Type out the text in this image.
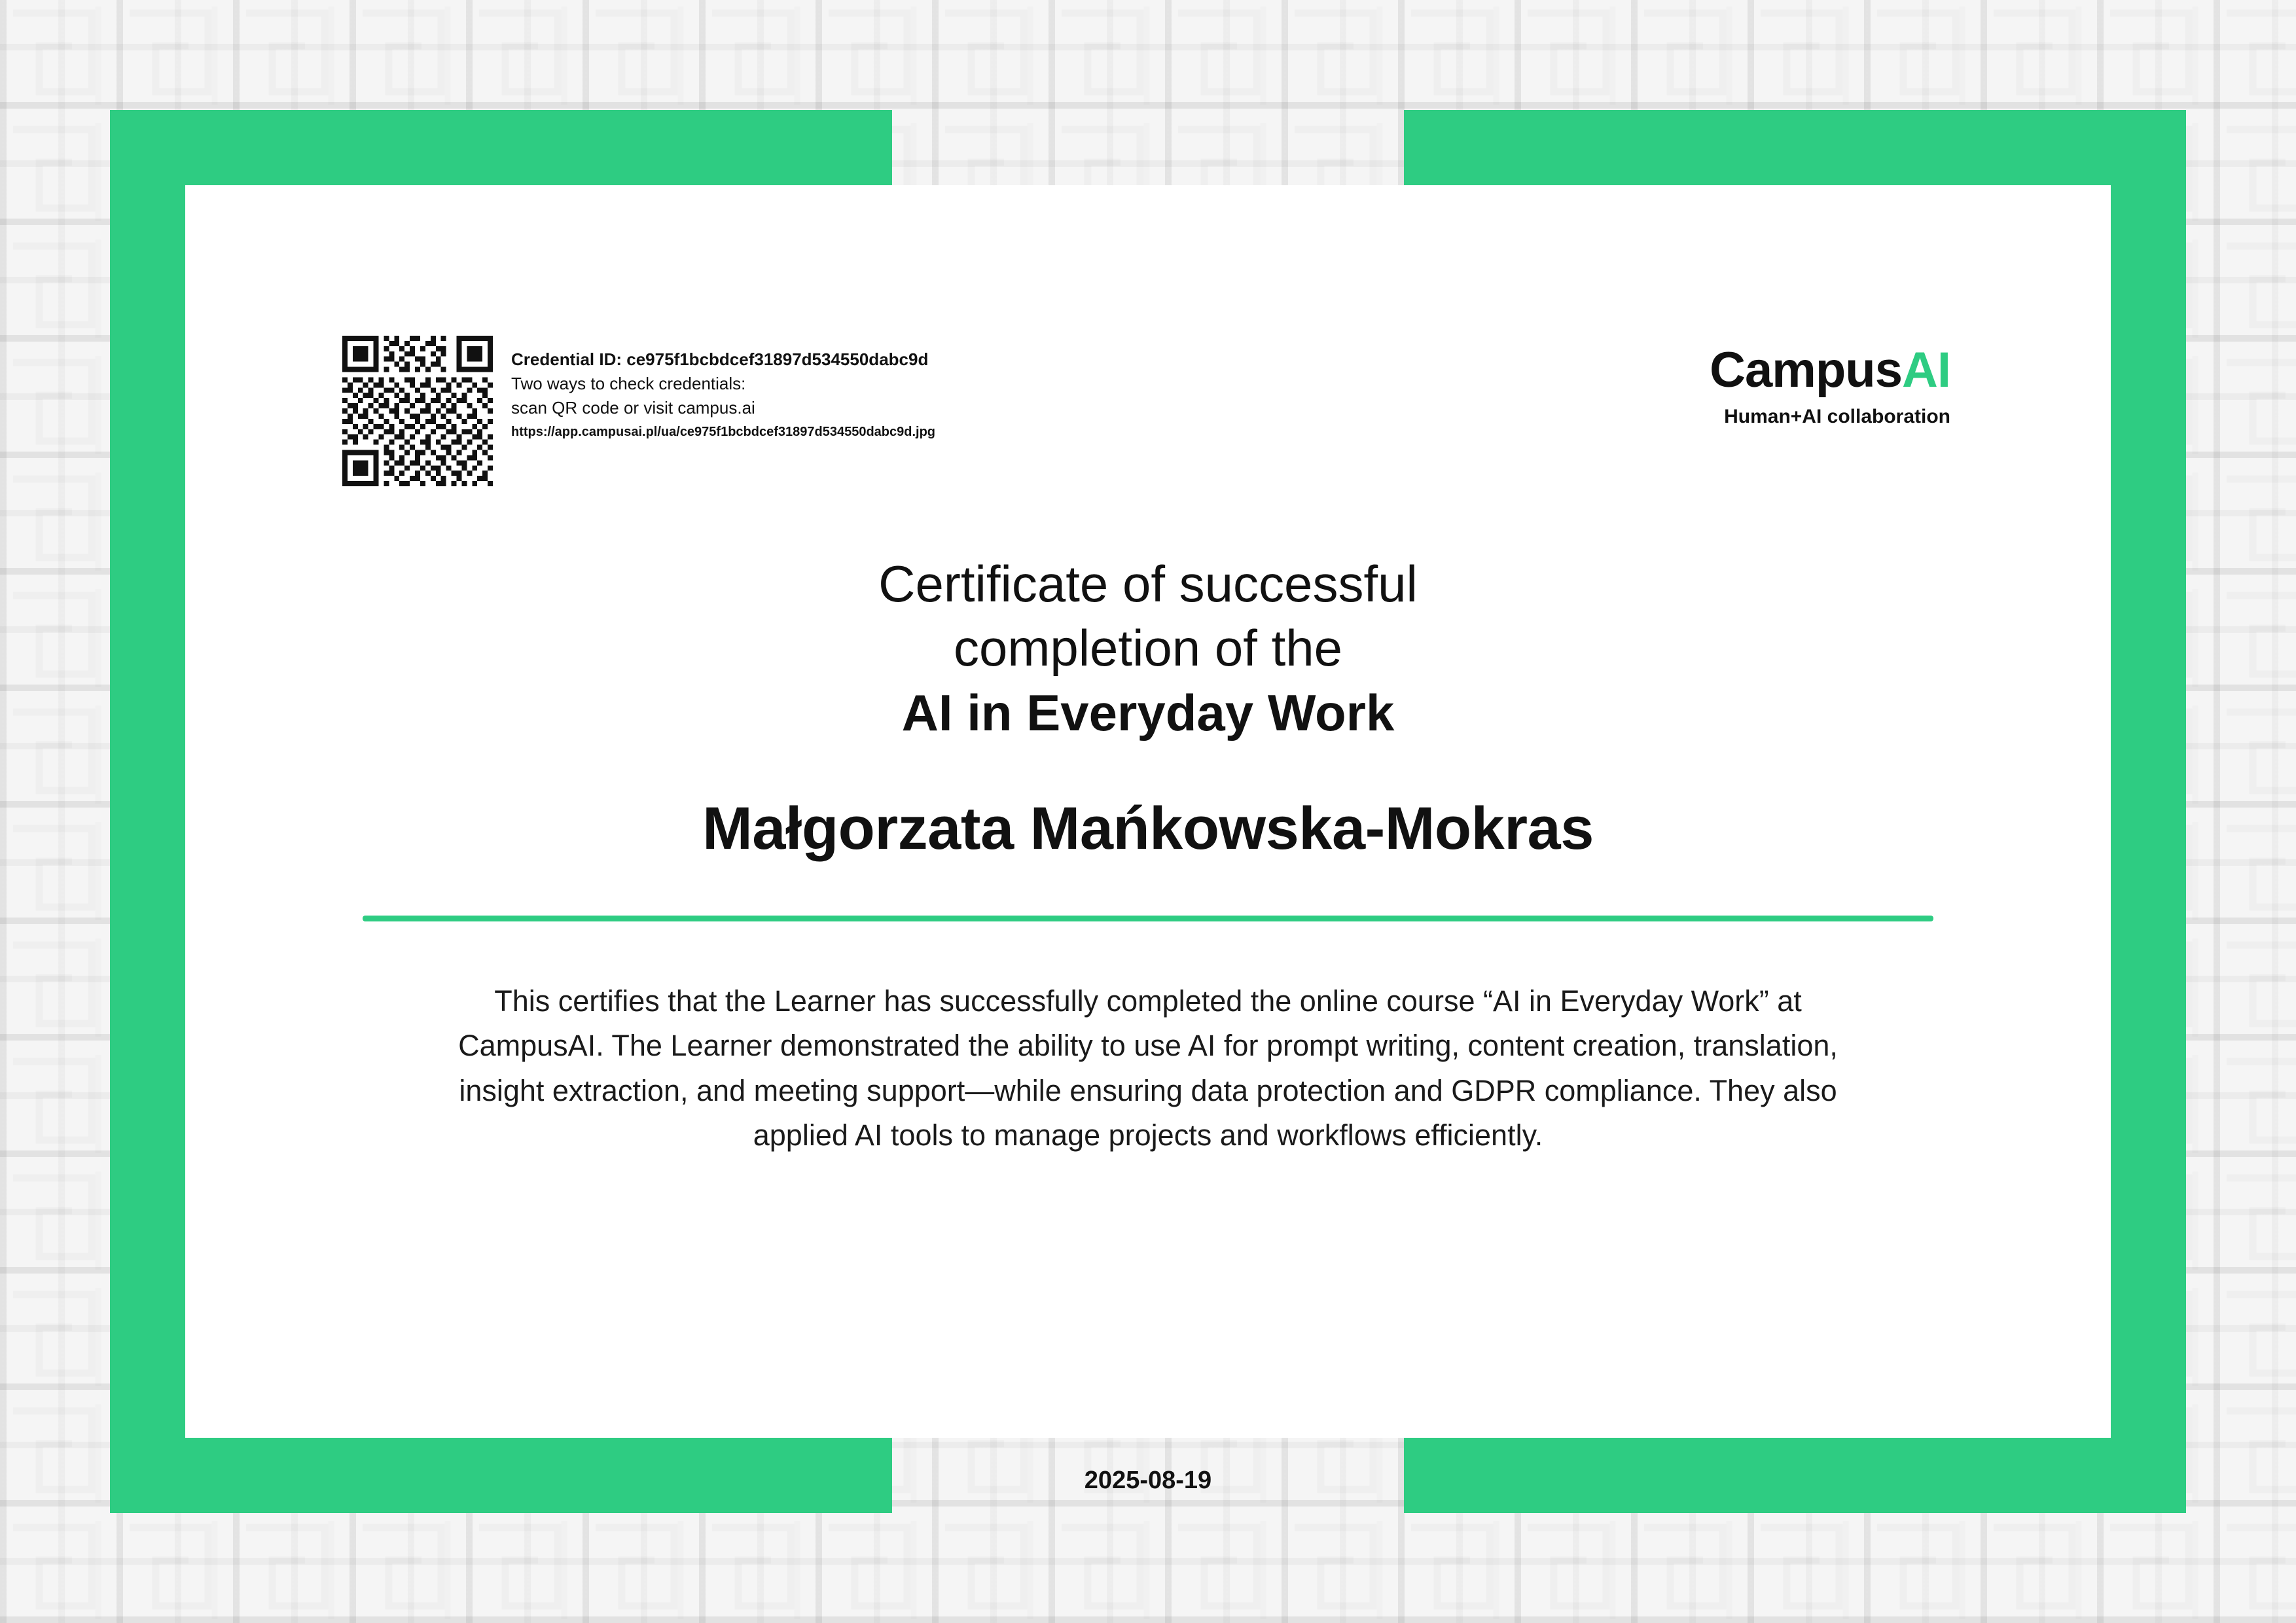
Credential ID: ce975f1bcbdcef31897d534550dabc9d
Two ways to check credentials:
scan QR code or visit campus.ai
https://app.campusai.pl/ua/ce975f1bcbdcef31897d534550dabc9d.jpg
CampusAI
Human+AI collaboration
Certificate of successful
completion of the
AI in Everyday Work
Małgorzata Mańkowska-Mokras
This certifies that the Learner has successfully completed the online course “AI in Everyday Work” at CampusAI. The Learner demonstrated the ability to use AI for prompt writing, content creation, translation, insight extraction, and meeting support—while ensuring data protection and GDPR compliance. They also applied AI tools to manage projects and workflows efficiently.
2025-08-19
